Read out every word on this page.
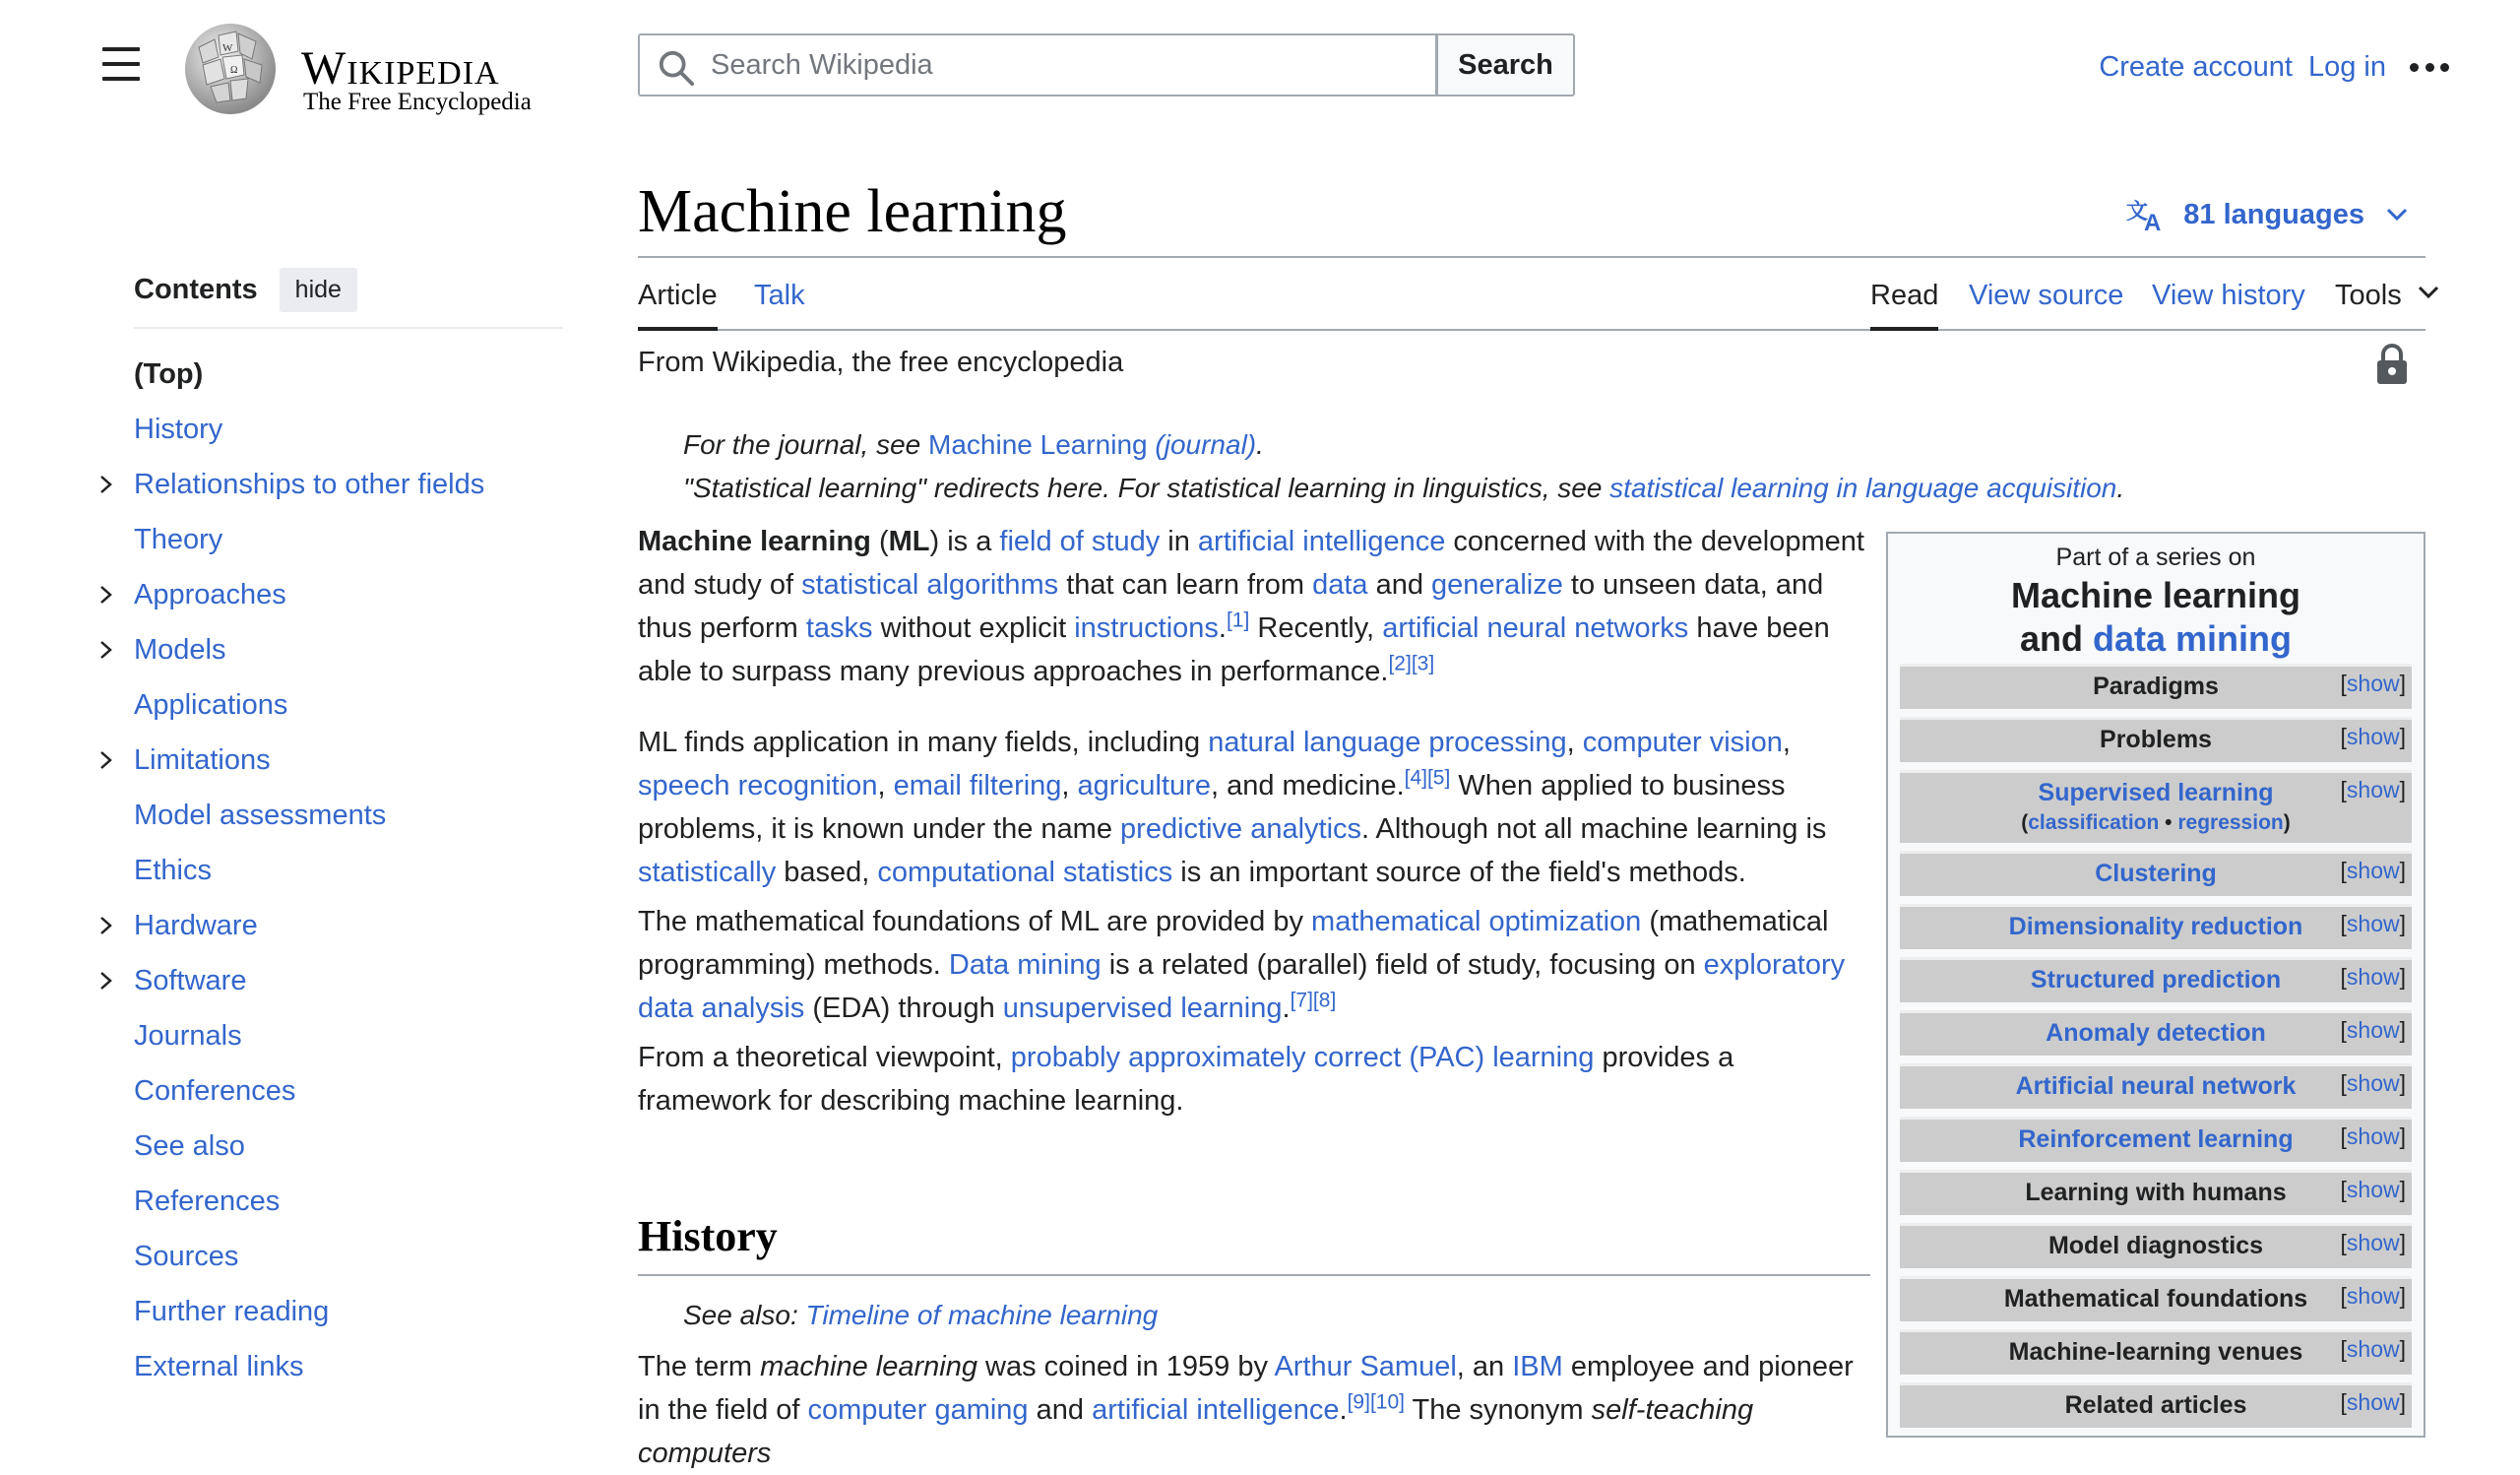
W
Ω Wikipedia
The Free Encyclopedia
Search Wikipedia
Search	Create account Log in
Contents	hide
(Top)
History
Relationships to other fields
Theory
Approaches
Models
Applications
Limitations
Model assessments
Ethics
Hardware
Software
Journals
Conferences
See also
References
Sources
Further reading
External links
Machine learning	文
A 81 languages
Article Talk	Read View source View history Tools
From Wikipedia, the free encyclopedia
For the journal, see Machine Learning (journal).
"Statistical learning" redirects here. For statistical learning in linguistics, see statistical learning in language acquisition.

Machine learning (ML) is a field of study in artificial intelligence concerned with the development and study of statistical algorithms that can learn from data and generalize to unseen data, and thus perform tasks without explicit instructions.[1] Recently, artificial neural networks have been able to surpass many previous approaches in performance.[2][3]

ML finds application in many fields, including natural language processing, computer vision, speech recognition, email filtering, agriculture, and medicine.[4][5] When applied to business problems, it is known under the name predictive analytics. Although not all machine learning is statistically based, computational statistics is an important source of the field's methods.

The mathematical foundations of ML are provided by mathematical optimization (mathematical programming) methods. Data mining is a related (parallel) field of study, focusing on exploratory data analysis (EDA) through unsupervised learning.[7][8]

From a theoretical viewpoint, probably approximately correct (PAC) learning provides a framework for describing machine learning.

History
See also: Timeline of machine learning

The term machine learning was coined in 1959 by Arthur Samuel, an IBM employee and pioneer in the field of computer gaming and artificial intelligence.[9][10] The synonym self-teaching computers

Part of a series on
Machine learning
and data mining
Paradigms	[show]
Problems	[show]
Supervised learning
(classification • regression)
[show]
Clustering	[show]
Dimensionality reduction [show]
Structured prediction	[show]
Anomaly detection	[show]
Artificial neural network [show]
Reinforcement learning [show]
Learning with humans [show]
Model diagnostics	[show]
Mathematical foundations [show]
Machine-learning venues [show]
Related articles	[show]
